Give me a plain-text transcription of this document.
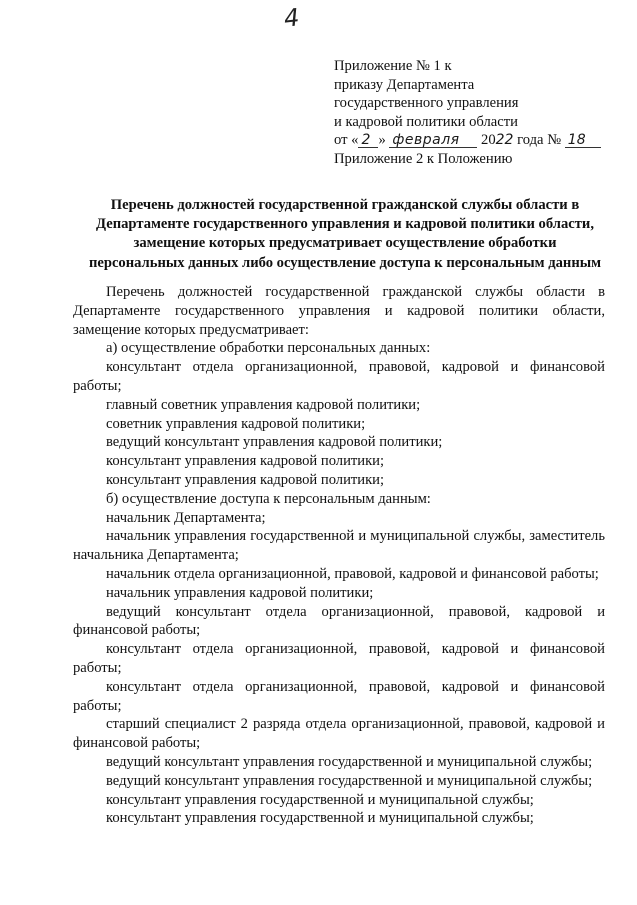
4
Приложение № 1 к
приказу Департамента
государственного управления
и кадровой политики области
от « 2 » февраля 2022 года № 18
Приложение 2 к Положению
Перечень должностей государственной гражданской службы области в
Департаменте государственного управления и кадровой политики области,
замещение которых предусматривает осуществление обработки
персональных данных либо осуществление доступа к персональным данным

Перечень должностей государственной гражданской службы области в Департаменте государственного управления и кадровой политики области, замещение которых предусматривает:

а) осуществление обработки персональных данных:

консультант отдела организационной, правовой, кадровой и финансовой работы;

главный советник управления кадровой политики;

советник управления кадровой политики;

ведущий консультант управления кадровой политики;

консультант управления кадровой политики;

консультант управления кадровой политики;

б) осуществление доступа к персональным данным:

начальник Департамента;

начальник управления государственной и муниципальной службы, заместитель начальника Департамента;

начальник отдела организационной, правовой, кадровой и финансовой работы;

начальник управления кадровой политики;

ведущий консультант отдела организационной, правовой, кадровой и финансовой работы;

консультант отдела организационной, правовой, кадровой и финансовой работы;

консультант отдела организационной, правовой, кадровой и финансовой работы;

старший специалист 2 разряда отдела организационной, правовой, кадровой и финансовой работы;

ведущий консультант управления государственной и муниципальной службы;

ведущий консультант управления государственной и муниципальной службы;

консультант управления государственной и муниципальной службы;

консультант управления государственной и муниципальной службы;
